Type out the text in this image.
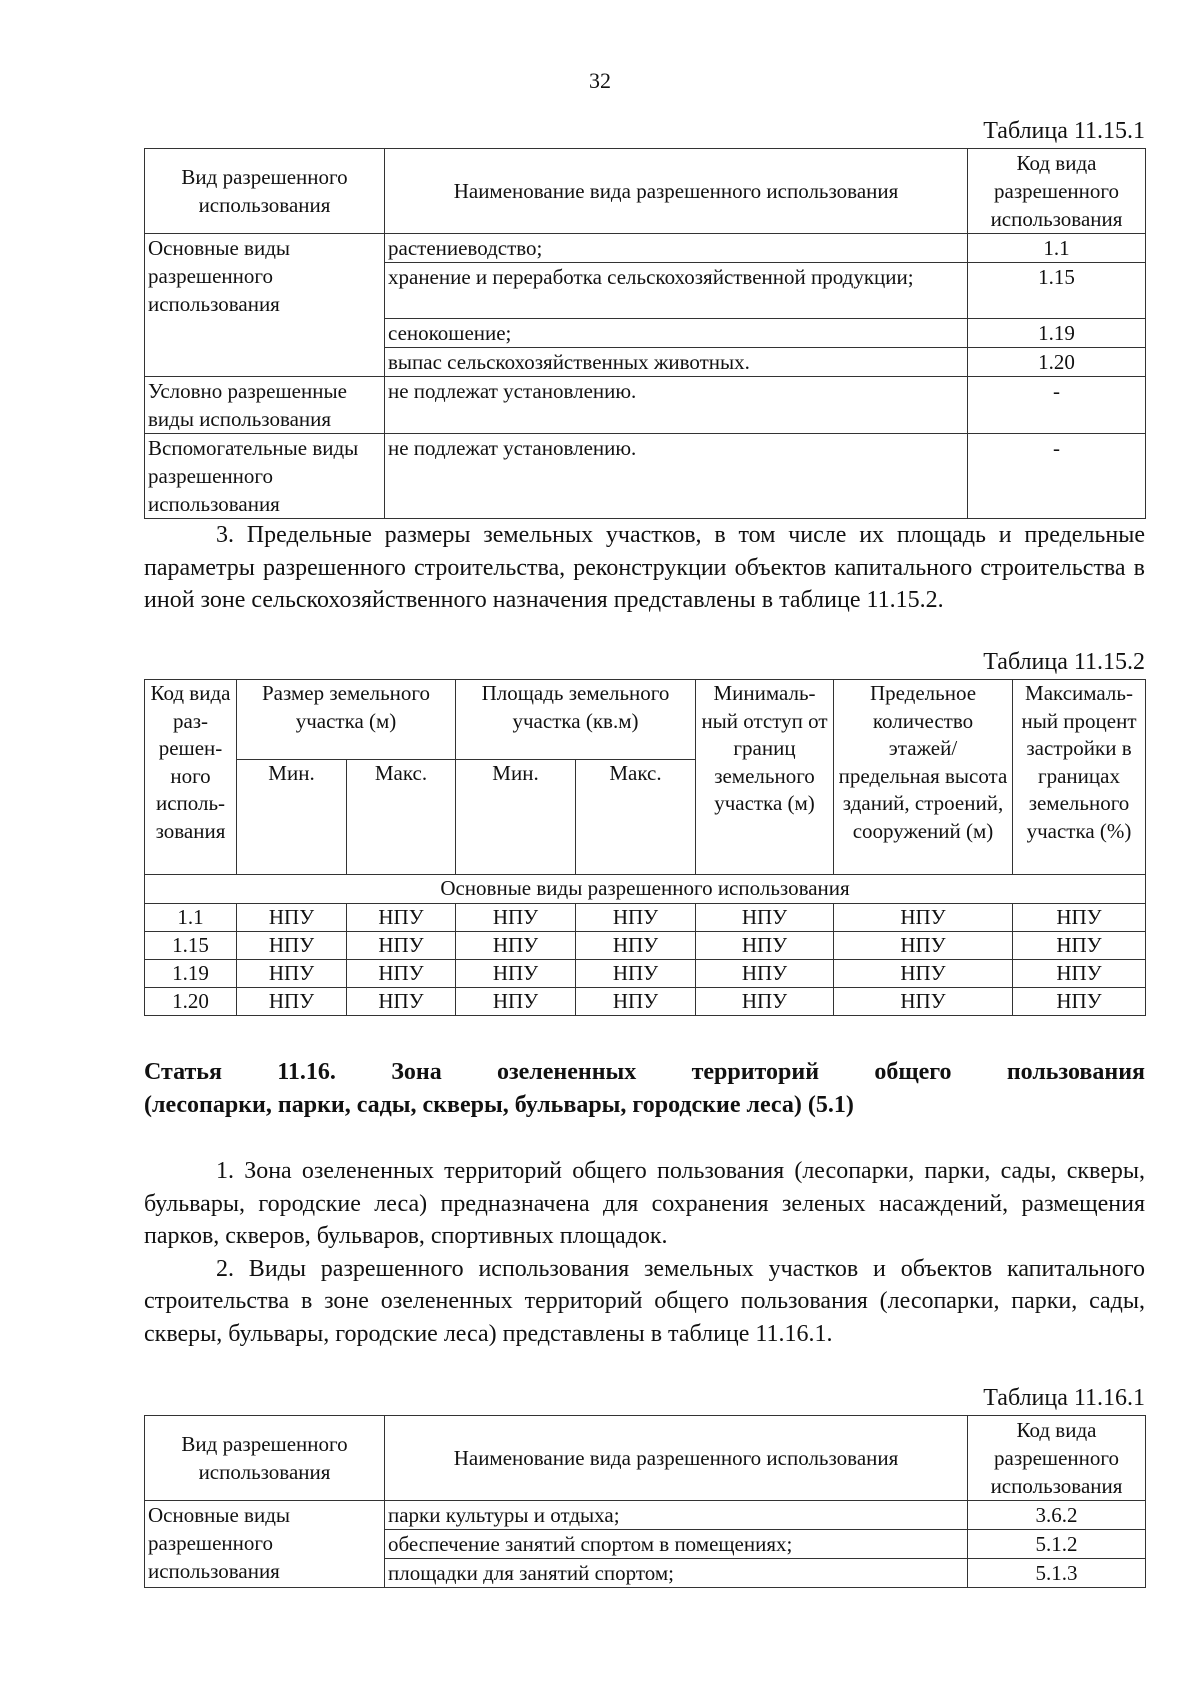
32
Таблица 11.15.1
Вид разрешенного использования	Наименование вида разрешенного использования	Код вида разрешенного использования
Основные виды разрешенного использования	растениеводство;	1.1
	хранение и переработка сельскохозяйственной продукции;	1.15
	сенокошение;	1.19
	выпас сельскохозяйственных животных.	1.20
Условно разрешенные виды использования	не подлежат установлению.	-
Вспомогательные виды разрешенного использования	не подлежат установлению.	-

3. Предельные размеры земельных участков, в том числе их площадь и предельные параметры разрешенного строительства, реконструкции объектов капитального строительства в иной зоне сельскохозяйственного назначения представлены в таблице 11.15.2.

Таблица 11.15.2
Код вида раз- решен- ного исполь- зования	Размер земельного участка (м)		Площадь земельного участка (кв.м)		Минималь- ный отступ от границ земельного участка (м)	Предельное количество этажей/ предельная высота зданий, строений, сооружений (м)	Максималь- ный процент застройки в границах земельного участка (%)
	Мин.	Макс.	Мин.	Макс.			
Основные виды разрешенного использования							
1.1	НПУ	НПУ	НПУ	НПУ	НПУ	НПУ	НПУ
1.15	НПУ	НПУ	НПУ	НПУ	НПУ	НПУ	НПУ
1.19	НПУ	НПУ	НПУ	НПУ	НПУ	НПУ	НПУ
1.20	НПУ	НПУ	НПУ	НПУ	НПУ	НПУ	НПУ
Статья 11.16. Зона озелененных территорий общего пользования
(лесопарки, парки, сады, скверы, бульвары, городские леса) (5.1)

1. Зона озелененных территорий общего пользования (лесопарки, парки, сады, скверы, бульвары, городские леса) предназначена для сохранения зеленых насаждений, размещения парков, скверов, бульваров, спортивных площадок.

2. Виды разрешенного использования земельных участков и объектов капитального строительства в зоне озелененных территорий общего пользования (лесопарки, парки, сады, скверы, бульвары, городские леса) представлены в таблице 11.16.1.

Таблица 11.16.1
Вид разрешенного использования	Наименование вида разрешенного использования	Код вида разрешенного использования
Основные виды разрешенного использования	парки культуры и отдыха;	3.6.2
	обеспечение занятий спортом в помещениях;	5.1.2
	площадки для занятий спортом;	5.1.3
